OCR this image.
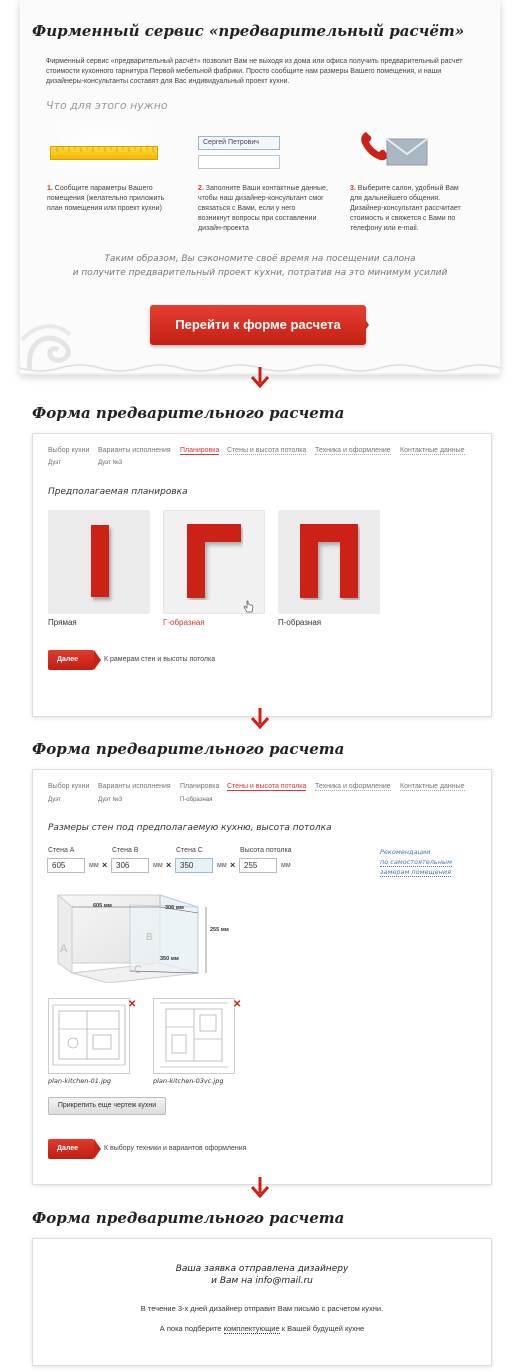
Фирменный сервис «предварительный расчёт»

Фирменный сервис «предварительный расчёт» позволит Вам не выходя из дома или офиса получить предварительный расчет стоимости кухонного гарнитура Первой мебельной фабрики. Просто сообщите нам размеры Вашего помещения, и наши дизайнеры-консультанты составят для Вас индивидуальный проект кухни.

Что для этого нужно
Сергей Петрович
1. Сообщите параметры Вашего помещения (желательно приложить план помещения или проект кухни)
2. Заполните Ваши контактные данные, чтобы наш дизайнер-консультант смог связаться с Вами, если у него возникнут вопросы при составлении дизайн-проекта
3. Выберите салон, удобный Вам для дальнейшего общения. Дизайнер-консультант рассчитает стоимость и свяжется с Вами по телефону или e-mail.
Таким образом, Вы сэкономите своё время на посещении салона
и получите предварительный проект кухни, потратив на это минимум усилий
Перейти к форме расчета
Форма предварительного расчета
Выбор кухни Варианты исполнения Планировка Стены и высота потолка Техника и оформление Контактные данные
Дуэт	Дуэт №3
Предполагаемая планировка
Прямая	Г-образная	П-образная
Далее	К рамерам стен и высоты потолка
Форма предварительного расчета
Выбор кухни Варианты исполнения Планировка Стены и высота потолка Техника и оформление Контактные данные
Дуэт	Дуэт №3	П-образная
Размеры стен под предполагаемую кухню, высота потолка
Стена A
605	мм ×
Стена B
306	мм ×
Стена C
350	мм ×
Высота потолка
255	мм
Рекомендации
по самостоятельным
замерам помещения
605 мм	306 мм
255 мм
350 мм
A
B
C
✕
plan-kitchen-01.jpg
✕
plan-kitchen-03vc.jpg
Прикрепить еще чертеж кухни
Далее	К выбору техники и вариантов оформления
Форма предварительного расчета
Ваша заявка отправлена дизайнеру
и Вам на info@mail.ru
В течение 3-х дней дизайнер отправит Вам письмо с расчетом кухни.
А пока подберите комплектующие к Вашей будущей кухне
